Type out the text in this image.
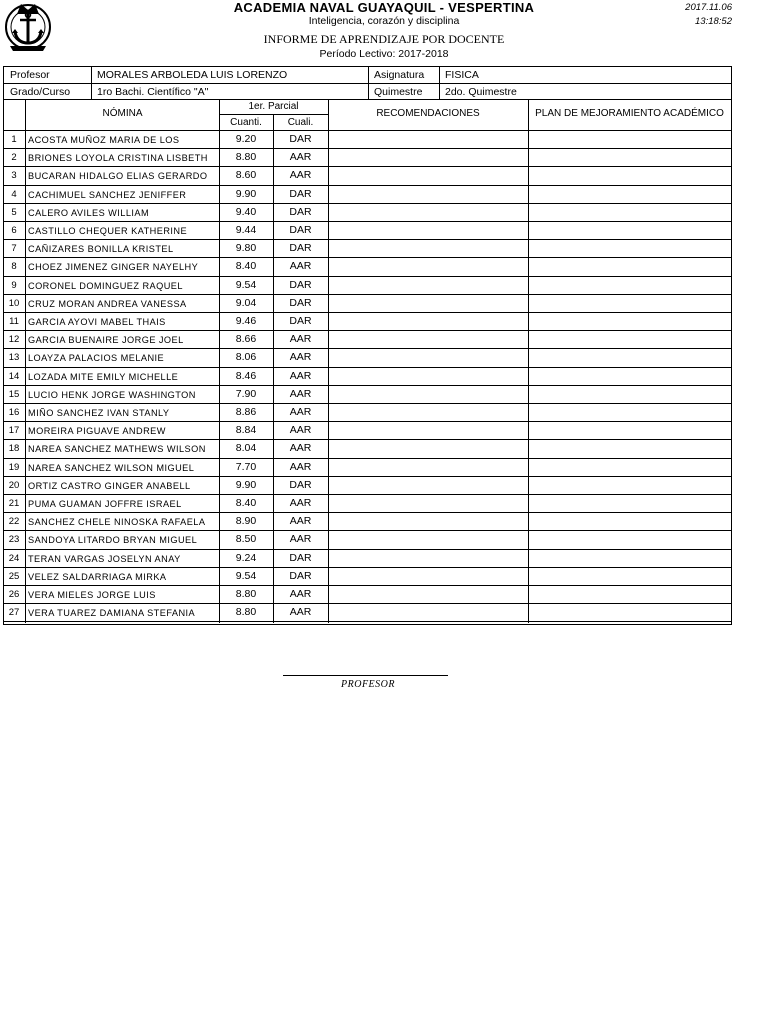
ACADEMIA NAVAL GUAYAQUIL - VESPERTINA
Inteligencia, corazón y disciplina
INFORME DE APRENDIZAJE POR DOCENTE
Período Lectivo: 2017-2018
2017.11.06
13:18:52
Profesor	MORALES ARBOLEDA LUIS LORENZO	Asignatura	FISICA
Grado/Curso	1ro Bachi. Científico "A"	Quimestre	2do. Quimestre
NÓMINA
1er. Parcial
Cuanti.	Cuali.
RECOMENDACIONES	PLAN DE MEJORAMIENTO ACADÉMICO
1	ACOSTA MUÑOZ MARIA DE LOS	9.20	DAR
2	BRIONES LOYOLA CRISTINA LISBETH	8.80	AAR
3	BUCARAN HIDALGO ELIAS GERARDO	8.60	AAR
4	CACHIMUEL SANCHEZ JENIFFER	9.90	DAR
5	CALERO AVILES WILLIAM	9.40	DAR
6	CASTILLO CHEQUER KATHERINE	9.44	DAR
7	CAÑIZARES BONILLA KRISTEL	9.80	DAR
8	CHOEZ JIMENEZ GINGER NAYELHY	8.40	AAR
9	CORONEL DOMINGUEZ RAQUEL	9.54	DAR
10 CRUZ MORAN ANDREA VANESSA	9.04	DAR
11 GARCIA AYOVI MABEL THAIS	9.46	DAR
12 GARCIA BUENAIRE JORGE JOEL	8.66	AAR
13 LOAYZA PALACIOS MELANIE	8.06	AAR
14 LOZADA MITE EMILY MICHELLE	8.46	AAR
15 LUCIO HENK JORGE WASHINGTON	7.90	AAR
16 MIÑO SANCHEZ IVAN STANLY	8.86	AAR
17 MOREIRA PIGUAVE ANDREW	8.84	AAR
18 NAREA SANCHEZ MATHEWS WILSON	8.04	AAR
19 NAREA SANCHEZ WILSON MIGUEL	7.70	AAR
20 ORTIZ CASTRO GINGER ANABELL	9.90	DAR
21 PUMA GUAMAN JOFFRE ISRAEL	8.40	AAR
22 SANCHEZ CHELE NINOSKA RAFAELA	8.90	AAR
23 SANDOYA LITARDO BRYAN MIGUEL	8.50	AAR
24 TERAN VARGAS JOSELYN ANAY	9.24	DAR
25 VELEZ SALDARRIAGA MIRKA	9.54	DAR
26 VERA MIELES JORGE LUIS	8.80	AAR
27 VERA TUAREZ DAMIANA STEFANIA	8.80	AAR
PROFESOR
